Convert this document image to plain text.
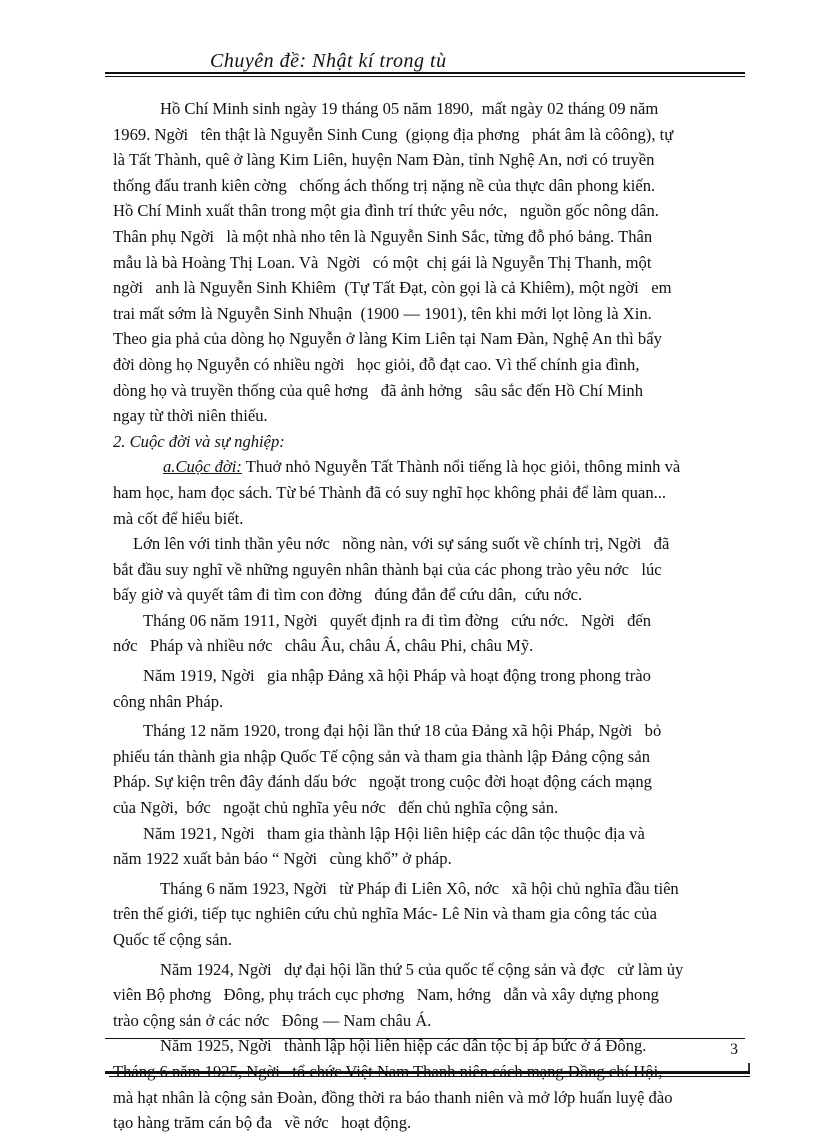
Chuyên đề: Nhật kí trong tù
Hồ Chí Minh sinh ngày 19 tháng 05 năm 1890,  mất ngày 02 tháng 09 năm
1969. Ngời   tên thật là Nguyễn Sinh Cung  (giọng địa phơng   phát âm là côông), tự
là Tất Thành, quê ở làng Kim Liên, huyện Nam Đàn, tỉnh Nghệ An, nơi có truyền
thống đấu tranh kiên cờng   chống ách thống trị nặng nề của thực dân phong kiến.
Hồ Chí Minh xuất thân trong một gia đình trí thức yêu nớc,   nguồn gốc nông dân.
Thân phụ Ngời   là một nhà nho tên là Nguyễn Sinh Sắc, từng đỗ phó bảng. Thân
mẫu là bà Hoàng Thị Loan. Và  Ngời   có một  chị gái là Nguyễn Thị Thanh, một
ngời   anh là Nguyễn Sinh Khiêm  (Tự Tất Đạt, còn gọi là cả Khiêm), một ngời   em
trai mất sớm là Nguyễn Sinh Nhuận  (1900 — 1901), tên khi mới lọt lòng là Xin.
Theo gia phả của dòng họ Nguyễn ở làng Kim Liên tại Nam Đàn, Nghệ An thì bẩy
đời dòng họ Nguyễn có nhiều ngời   học giỏi, đỗ đạt cao. Vì thế chính gia đình,
dòng họ và truyền thống của quê hơng   đã ảnh hởng   sâu sắc đến Hồ Chí Minh
ngay từ thời niên thiếu.
2. Cuộc đời và sự nghiệp:
a.Cuộc đời: Thuở nhỏ Nguyễn Tất Thành nổi tiếng là học giỏi, thông minh và
ham học, ham đọc sách. Từ bé Thành đã có suy nghĩ học không phải để làm quan...
mà cốt để hiểu biết.
Lớn lên với tinh thần yêu nớc   nồng nàn, với sự sáng suốt về chính trị, Ngời   đã
bắt đầu suy nghĩ về những nguyên nhân thành bại của các phong trào yêu nớc   lúc
bấy giờ và quyết tâm đi tìm con đờng   đúng đắn để cứu dân,  cứu nớc.
Tháng 06 năm 1911, Ngời   quyết định ra đi tìm đờng   cứu nớc.   Ngời   đến
nớc   Pháp và nhiều nớc   châu Âu, châu Á, châu Phi, châu Mỹ.
Năm 1919, Ngời   gia nhập Đảng xã hội Pháp và hoạt động trong phong trào
công nhân Pháp.
Tháng 12 năm 1920, trong đại hội lần thứ 18 của Đảng xã hội Pháp, Ngời   bỏ
phiếu tán thành gia nhập Quốc Tế cộng sản và tham gia thành lập Đảng cộng sản
Pháp. Sự kiện trên đây đánh dấu bớc   ngoặt trong cuộc đời hoạt động cách mạng
của Ngời,  bớc   ngoặt chủ nghĩa yêu nớc   đến chủ nghĩa cộng sản.
Năm 1921, Ngời   tham gia thành lập Hội liên hiệp các dân tộc thuộc địa và
năm 1922 xuất bản báo “ Ngời   cùng khổ” ở pháp.
Tháng 6 năm 1923, Ngời   từ Pháp đi Liên Xô, nớc   xã hội chủ nghĩa đầu tiên
trên thế giới, tiếp tục nghiên cứu chủ nghĩa Mác- Lê Nin và tham gia công tác của
Quốc tế cộng sản.
Năm 1924, Ngời   dự đại hội lần thứ 5 của quốc tế cộng sản và đợc   cử làm ủy
viên Bộ phơng   Đông, phụ trách cục phơng   Nam, hớng   dẫn và xây dựng phong
trào cộng sản ở các nớc   Đông — Nam châu Á.
Năm 1925, Ngời   thành lập hội liên hiệp các dân tộc bị áp bức ở á Đông.
Tháng 6 năm 1925, Ngời   tổ chức Việt Nam Thanh niên cách mạng Đồng chí Hội,
mà hạt nhân là cộng sản Đoàn, đồng thời ra báo thanh niên và mở lớp huấn luyệ đào
tạo hàng trăm cán bộ đa   về nớc   hoạt động.
3
